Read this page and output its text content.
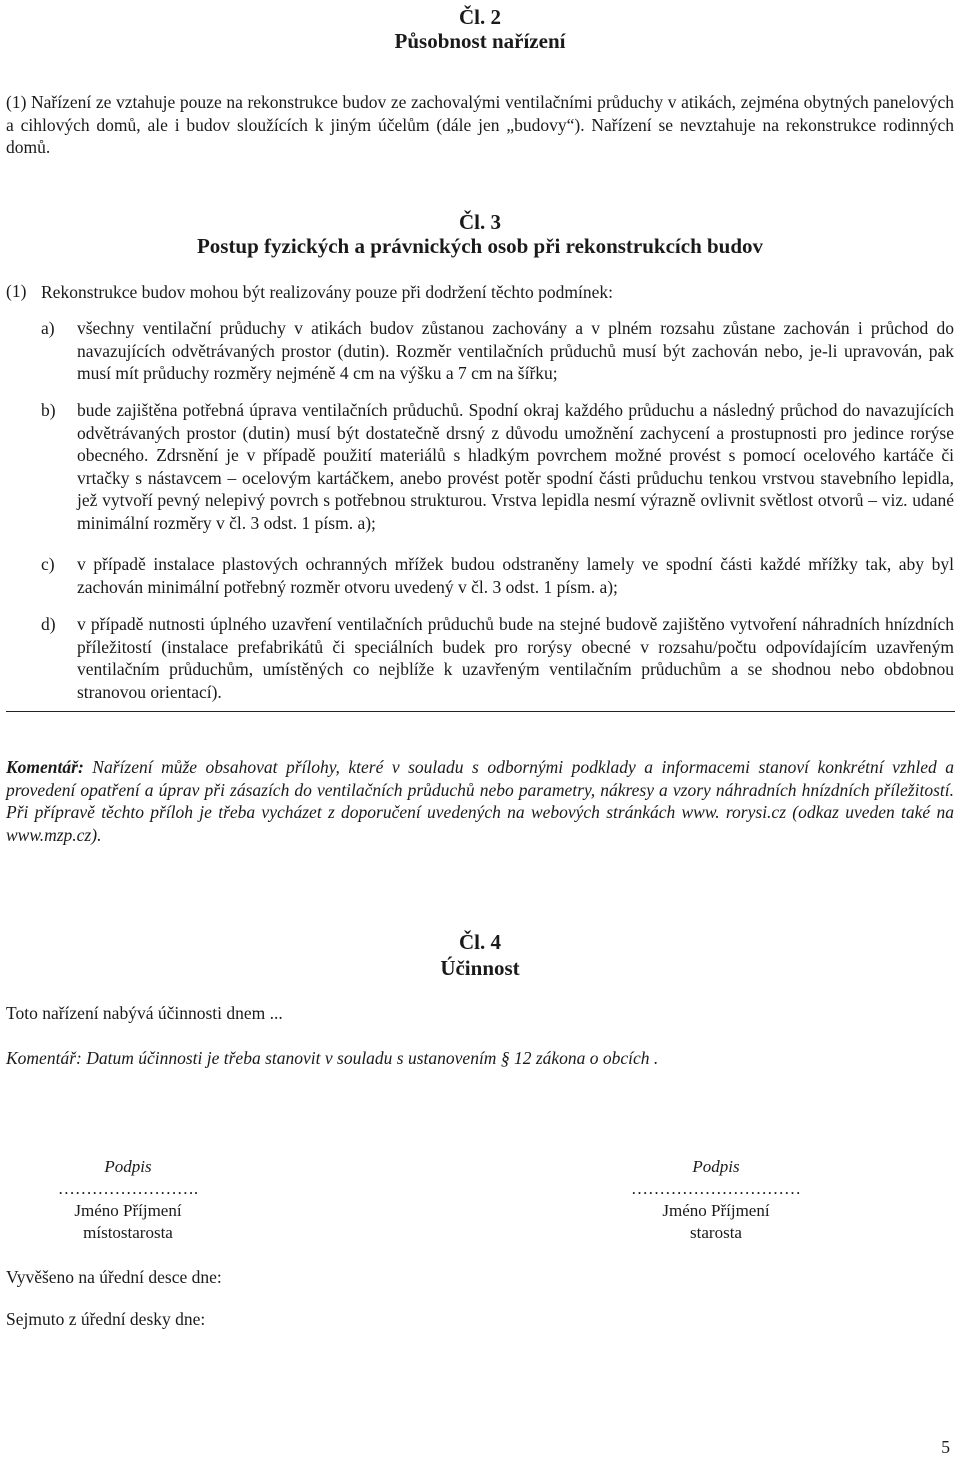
Čl. 2
Působnost nařízení
(1) Nařízení ze vztahuje pouze na rekonstrukce budov ze zachovalými ventilačními průduchy v atikách, zejména obytných panelových a cihlových domů, ale i budov sloužících k jiným účelům (dále jen „budovy“). Nařízení se nevztahuje na rekonstrukce rodinných domů.
Čl. 3
Postup fyzických a právnických osob při rekonstrukcích budov
(1) Rekonstrukce budov mohou být realizovány pouze při dodržení těchto podmínek:
a) všechny ventilační průduchy v atikách budov zůstanou zachovány a v plném rozsahu zůstane zachován i průchod do navazujících odvětrávaných prostor (dutin). Rozměr ventilačních průduchů musí být zachován nebo, je-li upravován, pak musí mít průduchy rozměry nejméně 4 cm na výšku a 7 cm na šířku;
b) bude zajištěna potřebná úprava ventilačních průduchů. Spodní okraj každého průduchu a následný průchod do navazujících odvětrávaných prostor (dutin) musí být dostatečně drsný z důvodu umožnění zachycení a prostupnosti pro jedince rorýse obecného. Zdrsnění je v případě použití materiálů s hladkým povrchem možné provést s pomocí ocelového kartáče či vrtačky s nástavcem – ocelovým kartáčkem, anebo provést potěr spodní části průduchu tenkou vrstvou stavebního lepidla, jež vytvoří pevný nelepivý povrch s potřebnou strukturou. Vrstva lepidla nesmí výrazně ovlivnit světlost otvorů – viz. udané minimální rozměry v čl. 3 odst. 1 písm. a);
c) v případě instalace plastových ochranných mřížek budou odstraněny lamely ve spodní části každé mřížky tak, aby byl zachován minimální potřebný rozměr otvoru uvedený v čl. 3 odst. 1 písm. a);
d) v případě nutnosti úplného uzavření ventilačních průduchů bude na stejné budově zajištěno vytvoření náhradních hnízdních příležitostí (instalace prefabrikátů či speciálních budek pro rorýsy obecné v rozsahu/počtu odpovídajícím uzavřeným ventilačním průduchům, umístěných co nejblíže k uzavřeným ventilačním průduchům a se shodnou nebo obdobnou stranovou orientací).
Komentář: Nařízení může obsahovat přílohy, které v souladu s odbornými podklady a informacemi stanoví konkrétní vzhled a provedení opatření a úprav při zásazích do ventilačních průduchů nebo parametry, nákresy a vzory náhradních hnízdních příležitostí. Při přípravě těchto příloh je třeba vycházet z doporučení uvedených na webových stránkách www. rorysi.cz (odkaz uveden také na www.mzp.cz).
Čl. 4
Účinnost
Toto nařízení nabývá účinnosti dnem ...
Komentář: Datum účinnosti je třeba stanovit v souladu s ustanovením § 12 zákona o obcích .
Podpis
…………………….
Jméno Příjmení
místostarosta
Podpis
…………………………
Jméno Příjmení
starosta
Vyvěšeno na úřední desce dne:
Sejmuto z úřední desky dne:
5
